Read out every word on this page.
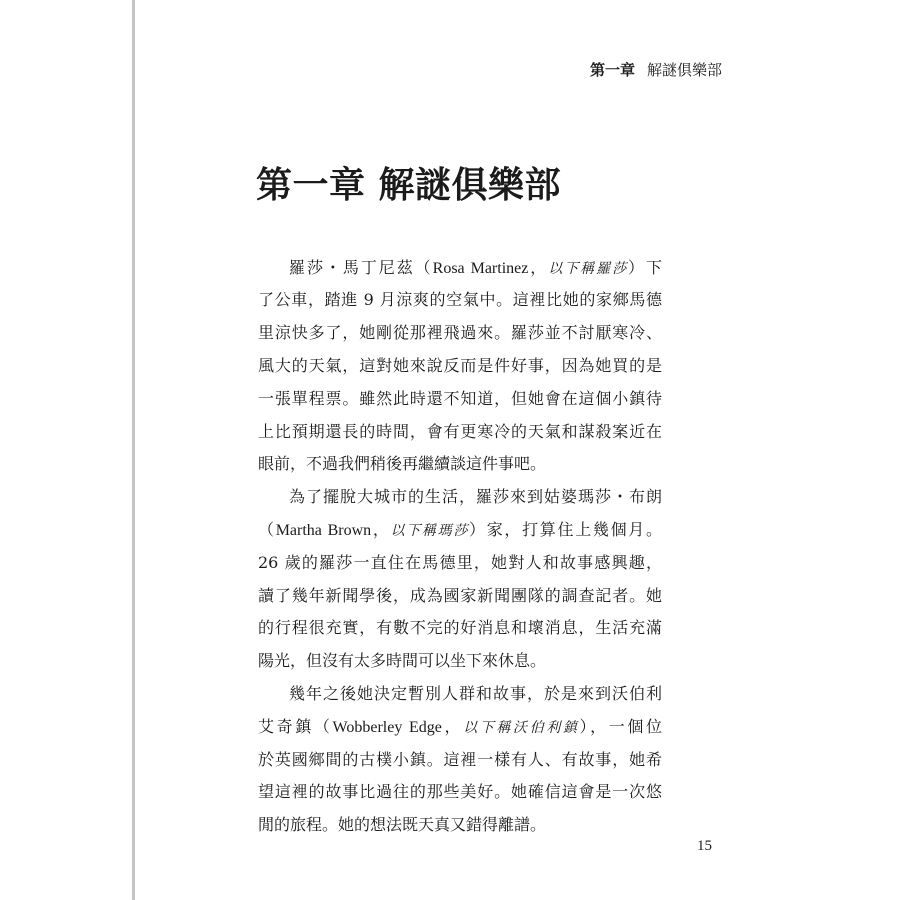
第一章 解謎俱樂部
第一章 解謎俱樂部
羅莎・馬丁尼茲（Rosa Martinez，以下稱羅莎）下
了公車，踏進 9 月涼爽的空氣中。這裡比她的家鄉馬德
里涼快多了，她剛從那裡飛過來。羅莎並不討厭寒冷、
風大的天氣，這對她來說反而是件好事，因為她買的是
一張單程票。雖然此時還不知道，但她會在這個小鎮待
上比預期還長的時間，會有更寒冷的天氣和謀殺案近在
眼前，不過我們稍後再繼續談這件事吧。
為了擺脫大城市的生活，羅莎來到姑婆瑪莎・布朗
（Martha Brown，以下稱瑪莎）家，打算住上幾個月。
26 歲的羅莎一直住在馬德里，她對人和故事感興趣，
讀了幾年新聞學後，成為國家新聞團隊的調查記者。她
的行程很充實，有數不完的好消息和壞消息，生活充滿
陽光，但沒有太多時間可以坐下來休息。
幾年之後她決定暫別人群和故事，於是來到沃伯利
艾奇鎮（Wobberley Edge，以下稱沃伯利鎮），一個位
於英國鄉間的古樸小鎮。這裡一樣有人、有故事，她希
望這裡的故事比過往的那些美好。她確信這會是一次悠
閒的旅程。她的想法既天真又錯得離譜。
15
